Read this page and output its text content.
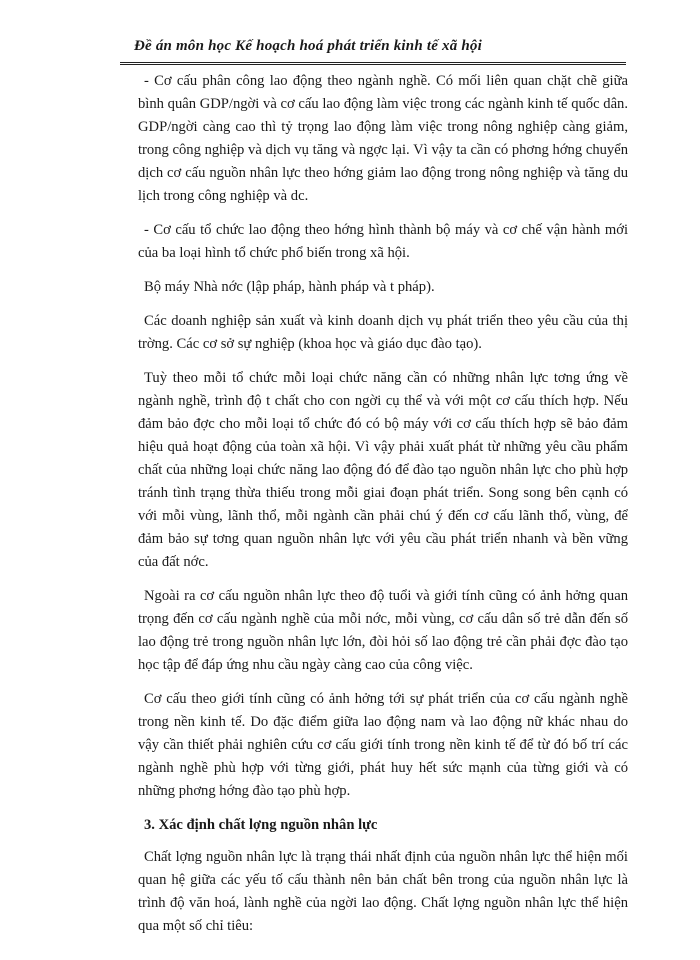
Đề án môn học Kế hoạch hoá phát triển kinh tế xã hội

- Cơ cấu phân công lao động theo ngành nghề. Có mối liên quan chặt chẽ giữa bình quân GDP/ngời và cơ cấu lao động làm việc trong các ngành kinh tế quốc dân. GDP/ngời càng cao thì tỷ trọng lao động làm việc trong nông nghiệp càng giảm, trong công nghiệp và dịch vụ tăng và ngợc lại. Vì vậy ta cần có phơng hớng chuyển dịch cơ cấu nguồn nhân lực theo hớng giảm lao động trong nông nghiệp và tăng du lịch trong công nghiệp và dc.

- Cơ cấu tổ chức lao động theo hớng hình thành bộ máy và cơ chế vận hành mới của ba loại hình tổ chức phổ biến trong xã hội.

Bộ máy Nhà nớc (lập pháp, hành pháp và t pháp).

Các doanh nghiệp sản xuất và kinh doanh dịch vụ phát triển theo yêu cầu của thị trờng. Các cơ sở sự nghiệp (khoa học và giáo dục đào tạo).

Tuỳ theo mỗi tổ chức mỗi loại chức năng cần có những nhân lực tơng ứng về ngành nghề, trình độ t chất cho con ngời cụ thể và với một cơ cấu thích hợp. Nếu đảm bảo đợc cho mỗi loại tổ chức đó có bộ máy với cơ cấu thích hợp sẽ bảo đảm hiệu quả hoạt động của toàn xã hội. Vì vậy phải xuất phát từ những yêu cầu phẩm chất của những loại chức năng lao động đó để đào tạo nguồn nhân lực cho phù hợp tránh tình trạng thừa thiếu trong mỗi giai đoạn phát triển. Song song bên cạnh có với mỗi vùng, lãnh thổ, mỗi ngành cần phải chú ý đến cơ cấu lãnh thổ, vùng, để đảm bảo sự tơng quan nguồn nhân lực với yêu cầu phát triển nhanh và bền vững của đất nớc.

Ngoài ra cơ cấu nguồn nhân lực theo độ tuổi và giới tính cũng có ảnh hởng quan trọng đến cơ cấu ngành nghề của mỗi nớc, mỗi vùng, cơ cấu dân số trẻ dẫn đến số lao động trẻ trong nguồn nhân lực lớn, đòi hỏi số lao động trẻ cần phải đợc đào tạo học tập để đáp ứng nhu cầu ngày càng cao của công việc.

Cơ cấu theo giới tính cũng có ảnh hởng tới sự phát triển của cơ cấu ngành nghề trong nền kinh tế. Do đặc điểm giữa lao động nam và lao động nữ khác nhau do vậy cần thiết phải nghiên cứu cơ cấu giới tính trong nền kinh tế để từ đó bố trí các ngành nghề phù hợp với từng giới, phát huy hết sức mạnh của từng giới và có những phơng hớng đào tạo phù hợp.

3. Xác định chất lợng nguồn nhân lực

Chất lợng nguồn nhân lực là trạng thái nhất định của nguồn nhân lực thể hiện mối quan hệ giữa các yếu tố cấu thành nên bản chất bên trong của nguồn nhân lực là trình độ văn hoá, lành nghề của ngời lao động. Chất lợng nguồn nhân lực thể hiện qua một số chỉ tiêu:
